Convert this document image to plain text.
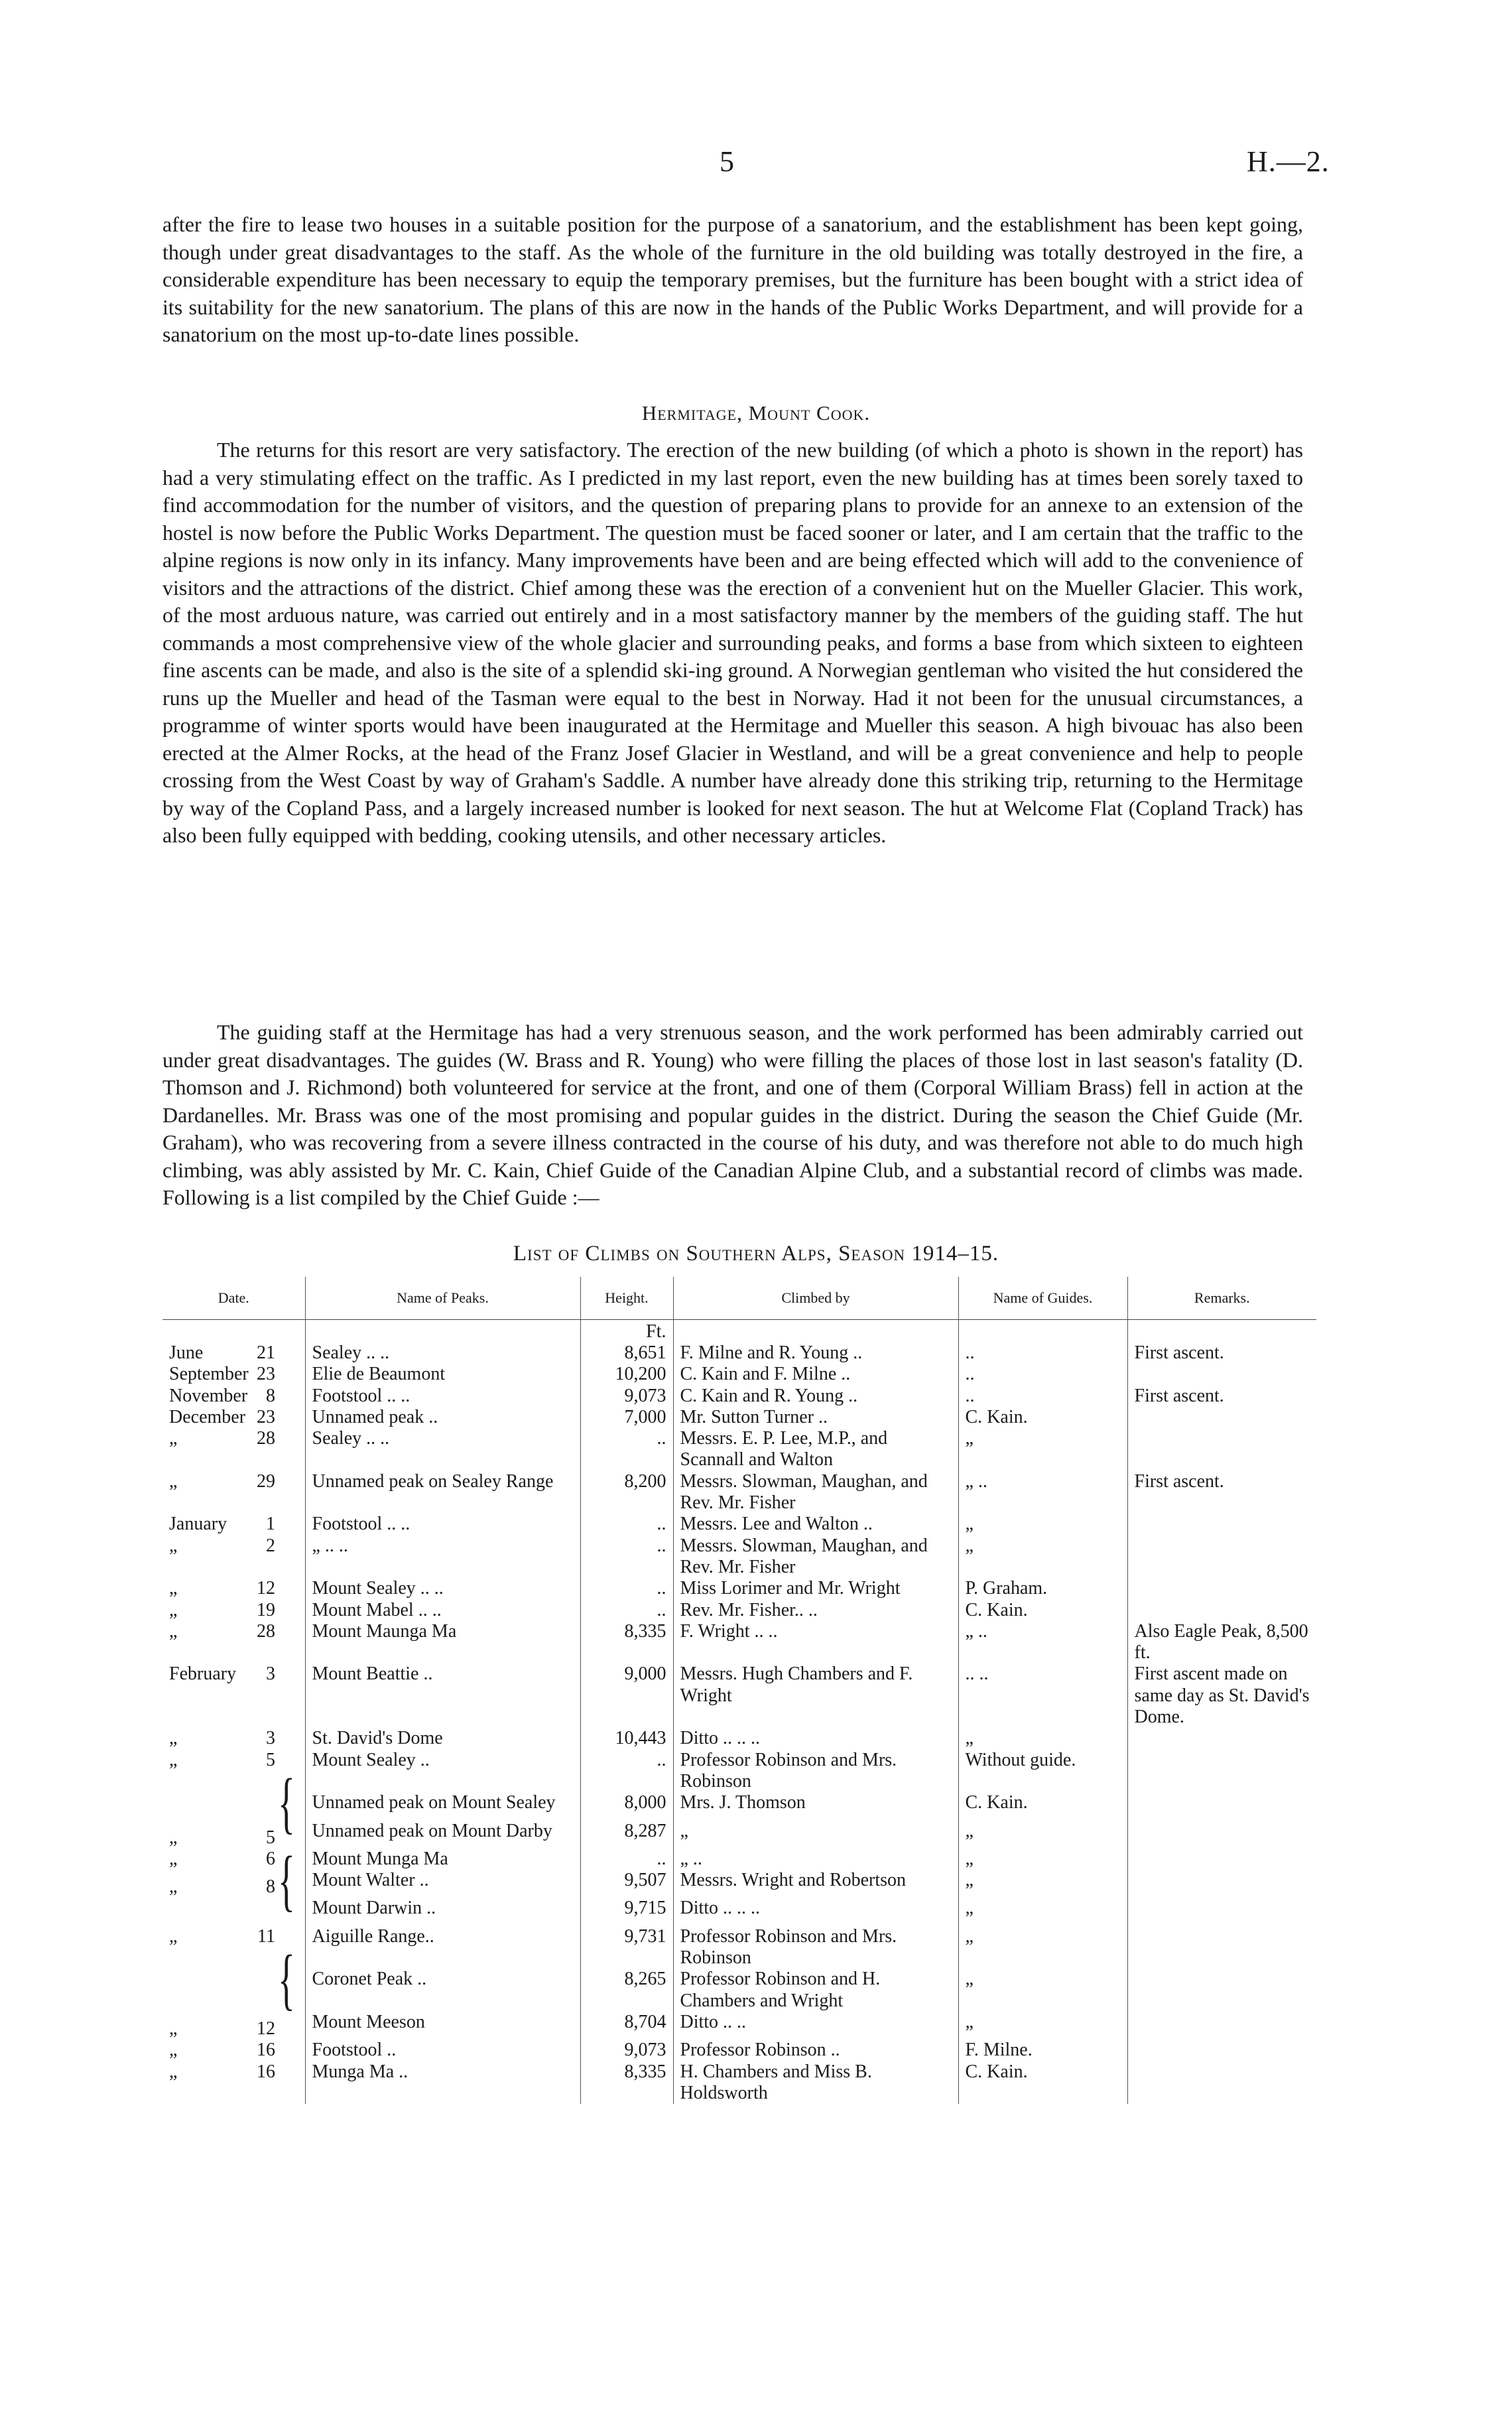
5	H.—2.

after the fire to lease two houses in a suitable position for the purpose of a sanatorium, and the establishment has been kept going, though under great disadvantages to the staff. As the whole of the furniture in the old building was totally destroyed in the fire, a considerable expenditure has been necessary to equip the temporary premises, but the furniture has been bought with a strict idea of its suitability for the new sanatorium. The plans of this are now in the hands of the Public Works Department, and will provide for a sanatorium on the most up-to-date lines possible.

Hermitage, Mount Cook.

The returns for this resort are very satisfactory. The erection of the new building (of which a photo is shown in the report) has had a very stimulating effect on the traffic. As I predicted in my last report, even the new building has at times been sorely taxed to find accommodation for the number of visitors, and the question of preparing plans to provide for an annexe to an extension of the hostel is now before the Public Works Department. The question must be faced sooner or later, and I am certain that the traffic to the alpine regions is now only in its infancy. Many improvements have been and are being effected which will add to the convenience of visitors and the attractions of the district. Chief among these was the erection of a convenient hut on the Mueller Glacier. This work, of the most arduous nature, was carried out entirely and in a most satisfactory manner by the members of the guiding staff. The hut commands a most comprehensive view of the whole glacier and surrounding peaks, and forms a base from which sixteen to eighteen fine ascents can be made, and also is the site of a splendid ski-ing ground. A Norwegian gentleman who visited the hut considered the runs up the Mueller and head of the Tasman were equal to the best in Norway. Had it not been for the unusual circumstances, a programme of winter sports would have been inaugurated at the Hermitage and Mueller this season. A high bivouac has also been erected at the Almer Rocks, at the head of the Franz Josef Glacier in Westland, and will be a great convenience and help to people crossing from the West Coast by way of Graham's Saddle. A number have already done this striking trip, returning to the Hermitage by way of the Copland Pass, and a largely increased number is looked for next season. The hut at Welcome Flat (Copland Track) has also been fully equipped with bedding, cooking utensils, and other necessary articles.

The guiding staff at the Hermitage has had a very strenuous season, and the work performed has been admirably carried out under great disadvantages. The guides (W. Brass and R. Young) who were filling the places of those lost in last season's fatality (D. Thomson and J. Richmond) both volunteered for service at the front, and one of them (Corporal William Brass) fell in action at the Dardanelles. Mr. Brass was one of the most promising and popular guides in the district. During the season the Chief Guide (Mr. Graham), who was recovering from a severe illness contracted in the course of his duty, and was therefore not able to do much high climbing, was ably assisted by Mr. C. Kain, Chief Guide of the Canadian Alpine Club, and a substantial record of climbs was made. Following is a list compiled by the Chief Guide :—

List of Climbs on Southern Alps, Season 1914–15.
Date.	Name of Peaks.	Height.	Climbed by	Name of Guides.	Remarks.
		Ft.			
June 21	Sealey .. ..	8,651	F. Milne and R. Young ..	..	First ascent.
September 23	Elie de Beaumont	10,200	C. Kain and F. Milne ..	..	
November 8	Footstool .. ..	9,073	C. Kain and R. Young ..	..	First ascent.
December 23	Unnamed peak ..	7,000	Mr. Sutton Turner ..	C. Kain.	
„ 28	Sealey .. ..	..	Messrs. E. P. Lee, M.P., and Scannall and Walton	„	
„ 29	Unnamed peak on Sealey Range	8,200	Messrs. Slowman, Maughan, and Rev. Mr. Fisher	„ ..	First ascent.
January 1	Footstool .. ..	..	Messrs. Lee and Walton ..	„	
„ 2	„ .. ..	..	Messrs. Slowman, Maughan, and Rev. Mr. Fisher	„	
„ 12	Mount Sealey .. ..	..	Miss Lorimer and Mr. Wright	P. Graham.	
„ 19	Mount Mabel .. ..	..	Rev. Mr. Fisher.. ..	C. Kain.	
„ 28	Mount Maunga Ma	8,335	F. Wright .. ..	„ ..	Also Eagle Peak, 8,500 ft.
February 3	Mount Beattie ..	9,000	Messrs. Hugh Chambers and F. Wright	.. ..	First ascent made on same day as St. David's Dome.
„ 3	St. David's Dome	10,443	Ditto .. .. ..	„	
„ 5	Mount Sealey ..	..	Professor Robinson and Mrs. Robinson	Without guide.	
{	Unnamed peak on Mount Sealey	8,000	Mrs. J. Thomson	C. Kain.	
„ 5	Unnamed peak on Mount Darby	8,287	„	„	
„ 6	Mount Munga Ma	..	„ ..	„	
„ 8{	Mount Walter ..	9,507	Messrs. Wright and Robertson	„	
	Mount Darwin ..	9,715	Ditto .. .. ..	„	
„ 11	Aiguille Range..	9,731	Professor Robinson and Mrs. Robinson	„	
{	Coronet Peak ..	8,265	Professor Robinson and H. Chambers and Wright	„	
„ 12	Mount Meeson	8,704	Ditto .. ..	„	
„ 16	Footstool ..	9,073	Professor Robinson ..	F. Milne.	
„ 16	Munga Ma ..	8,335	H. Chambers and Miss B. Holdsworth	C. Kain.	
